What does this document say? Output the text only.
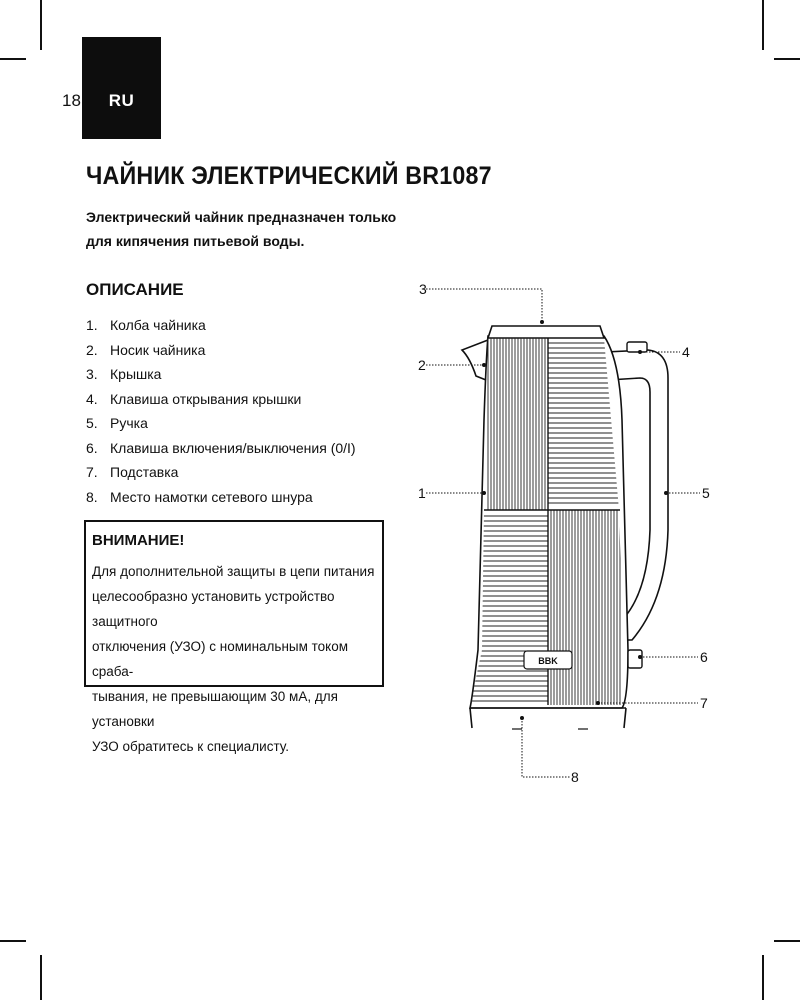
18 RU
ЧАЙНИК ЭЛЕКТРИЧЕСКИЙ BR1087

Электрический чайник предназначен только
для кипячения питьевой воды.

ОПИСАНИЕ
1. Колба чайника
2. Носик чайника
3. Крышка
4. Клавиша открывания крышки
5. Ручка
6. Клавиша включения/выключения (0/I)
7. Подставка
8. Место намотки сетевого шнура
ВНИМАНИЕ!

Для дополнительной защиты в цепи питания
целесообразно установить устройство защитного
отключения (УЗО) с номинальным током сраба-
тывания, не превышающим 30 мА, для установки
УЗО обратитесь к специалисту.

BBK
3
2
1
4
5
6
7
8
